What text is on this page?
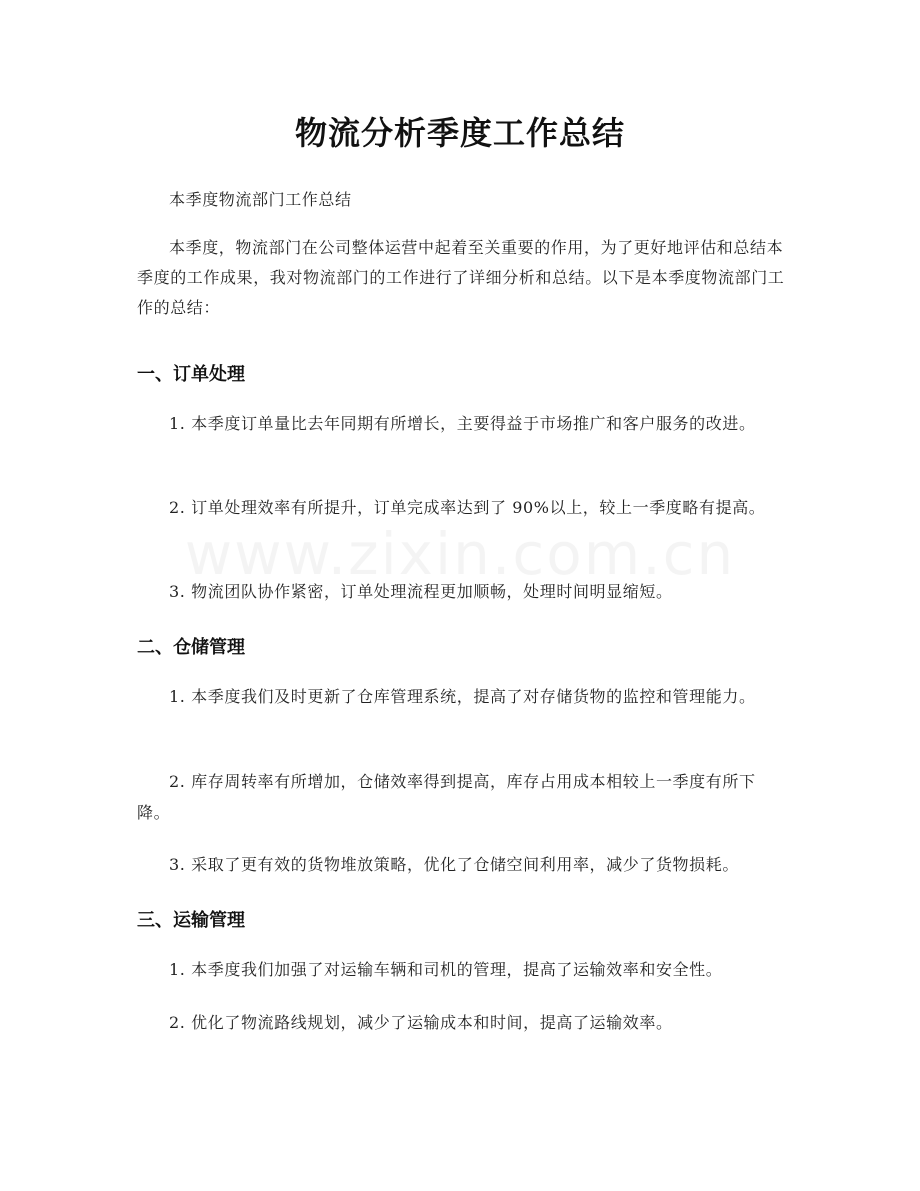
物流分析季度工作总结
本季度物流部门工作总结
本季度，物流部门在公司整体运营中起着至关重要的作用，为了更好地评估和总结本季度的工作成果，我对物流部门的工作进行了详细分析和总结。以下是本季度物流部门工作的总结：
一、订单处理
1. 本季度订单量比去年同期有所增长，主要得益于市场推广和客户服务的改进。
2. 订单处理效率有所提升，订单完成率达到了 90%以上，较上一季度略有提高。
3. 物流团队协作紧密，订单处理流程更加顺畅，处理时间明显缩短。
二、仓储管理
1. 本季度我们及时更新了仓库管理系统，提高了对存储货物的监控和管理能力。
2. 库存周转率有所增加，仓储效率得到提高，库存占用成本相较上一季度有所下降。
3. 采取了更有效的货物堆放策略，优化了仓储空间利用率，减少了货物损耗。
三、运输管理
1. 本季度我们加强了对运输车辆和司机的管理，提高了运输效率和安全性。
2. 优化了物流路线规划，减少了运输成本和时间，提高了运输效率。
